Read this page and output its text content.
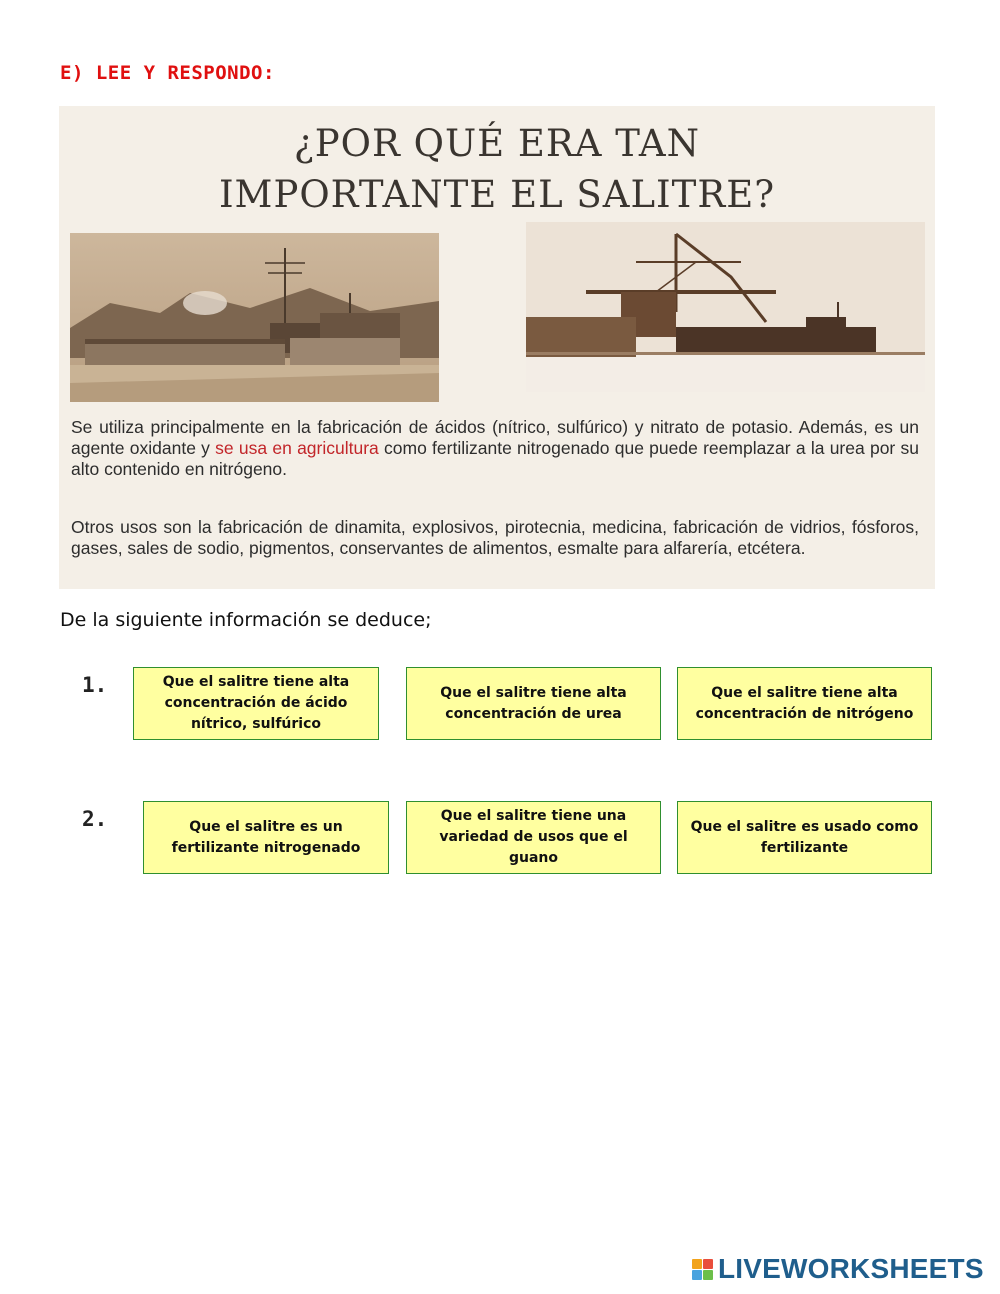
E) LEE Y RESPONDO:
¿POR QUÉ ERA TAN
IMPORTANTE EL SALITRE?
Se utiliza principalmente en la fabricación de ácidos (nítrico, sulfúrico) y nitrato de potasio. Además, es un agente oxidante y se usa en agricultura como fertilizante nitrogenado que puede reemplazar a la urea por su alto contenido en nitrógeno.
Otros usos son la fabricación de dinamita, explosivos, pirotecnia, medicina, fabricación de vidrios, fósforos, gases, sales de sodio, pigmentos, conservantes de alimentos, esmalte para alfarería, etcétera.
De la siguiente información se deduce;
1.	Que el salitre tiene alta concentración de ácido nítrico, sulfúrico
Que el salitre tiene alta concentración de urea
Que el salitre tiene alta concentración de nitrógeno
2.	Que el salitre es un fertilizante nitrogenado
Que el salitre tiene una variedad de usos que el guano
Que el salitre es usado como fertilizante
LIVEWORKSHEETS
